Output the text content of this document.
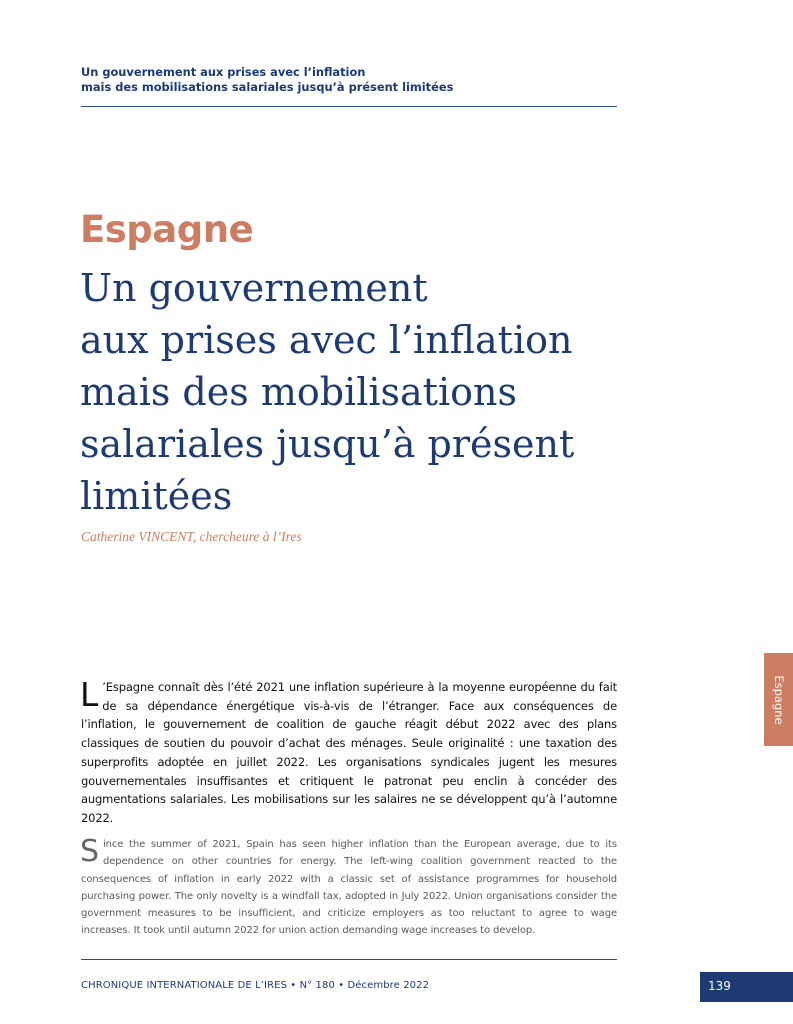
Un gouvernement aux prises avec l’inflation
mais des mobilisations salariales jusqu’à présent limitées
Espagne
Un gouvernement
aux prises avec l’inflation
mais des mobilisations
salariales jusqu’à présent
limitées
Catherine VINCENT, chercheure à l’Ires
L ’Espagne connaît dès l’été 2021 une inflation supérieure à la moyenne européenne du fait de sa dépendance énergétique vis-à-vis de l’étranger. Face aux conséquences de l’inflation, le gouvernement de coalition de gauche réagit début 2022 avec des plans classiques de soutien du pouvoir d’achat des ménages. Seule originalité : une taxation des superprofits adoptée en juillet 2022. Les organisations syndicales jugent les mesures gouvernementales insuffisantes et critiquent le patronat peu enclin à concéder des augmentations salariales. Les mobilisations sur les salaires ne se développent qu’à l’automne 2022.
Since the summer of 2021, Spain has seen higher inflation than the European average, due to its dependence on other countries for energy. The left-wing coalition government reacted to the consequences of inflation in early 2022 with a classic set of assistance programmes for household purchasing power. The only novelty is a windfall tax, adopted in July 2022. Union organisations consider the government measures to be insufficient, and criticize employers as too reluctant to agree to wage increases. It took until autumn 2022 for union action demanding wage increases to develop.
Espagne
CHRONIQUE INTERNATIONALE DE L’IRES • N° 180 • Décembre 2022	139
